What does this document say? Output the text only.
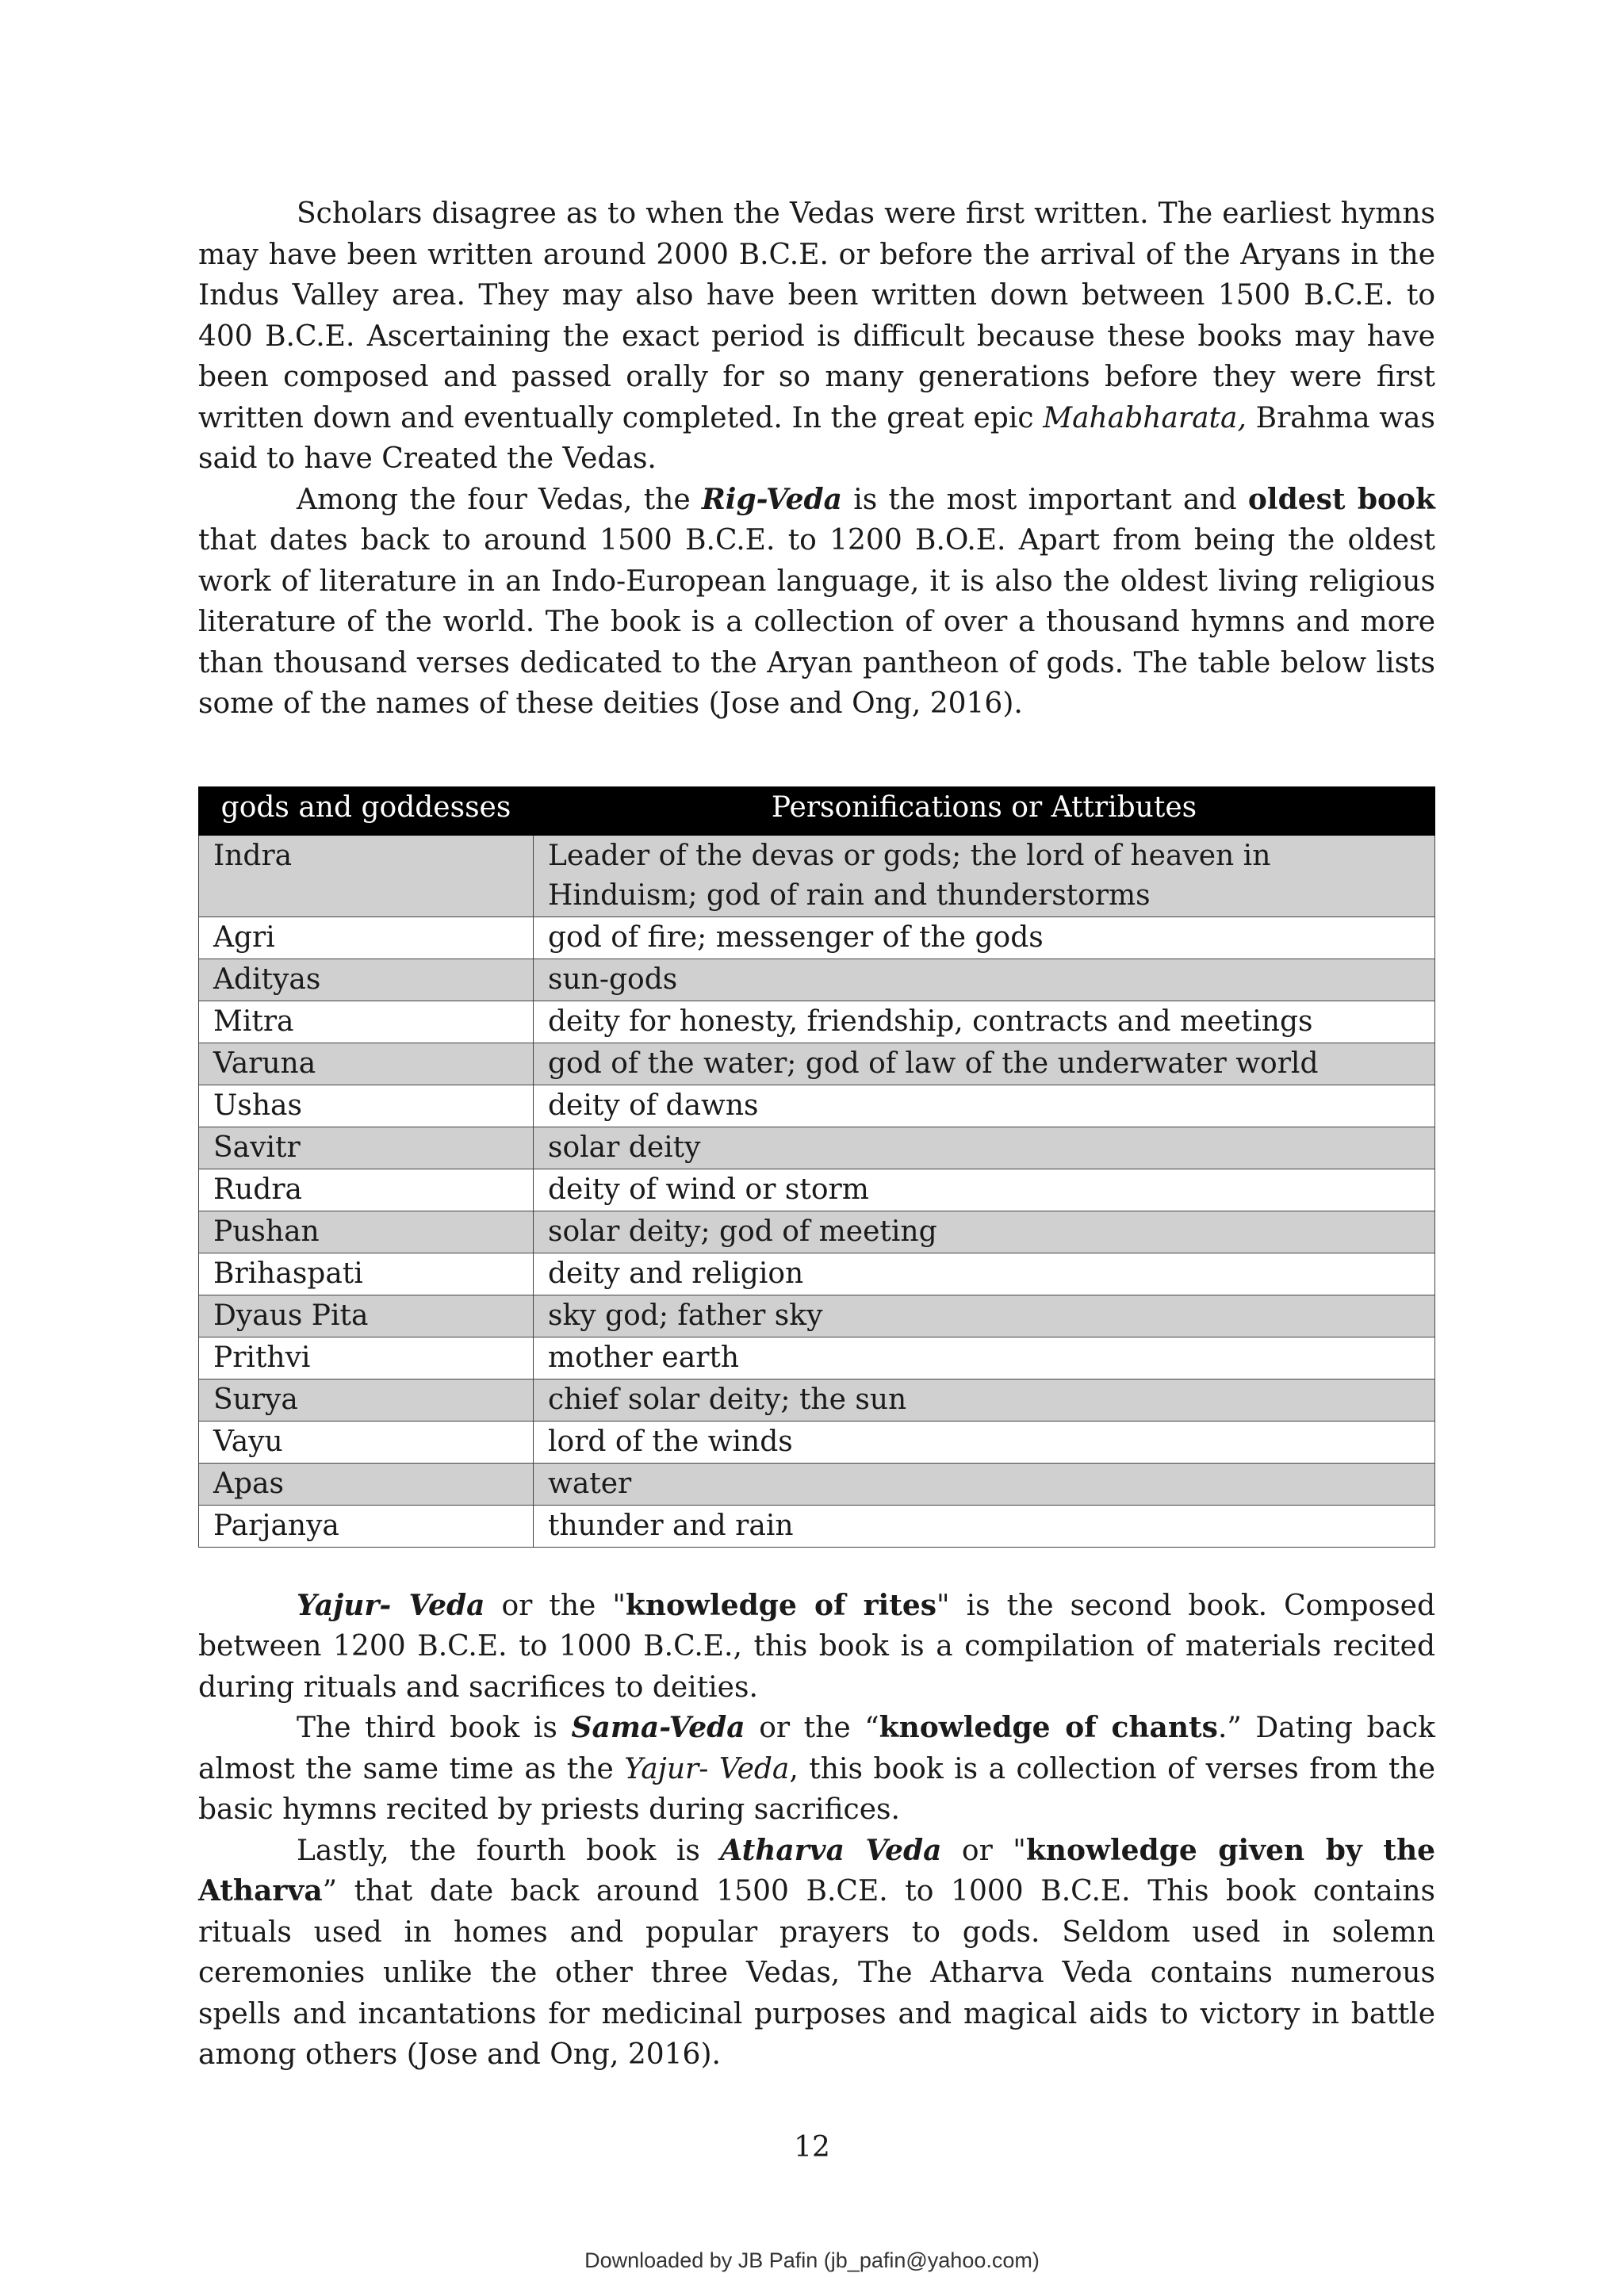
Scholars disagree as to when the Vedas were first written. The earliest hymns may have been written around 2000 B.C.E. or before the arrival of the Aryans in the Indus Valley area. They may also have been written down between 1500 B.C.E. to 400 B.C.E. Ascertaining the exact period is difficult because these books may have been composed and passed orally for so many generations before they were first written down and eventually completed. In the great epic Mahabharata, Brahma was said to have Created the Vedas.

Among the four Vedas, the Rig-Veda is the most important and oldest book that dates back to around 1500 B.C.E. to 1200 B.O.E. Apart from being the oldest work of literature in an Indo-European language, it is also the oldest living religious literature of the world. The book is a collection of over a thousand hymns and more than thousand verses dedicated to the Aryan pantheon of gods. The table below lists some of the names of these deities (Jose and Ong, 2016).

gods and goddesses	Personifications or Attributes
Indra	Leader of the devas or gods; the lord of heaven in Hinduism; god of rain and thunderstorms
Agri	god of fire; messenger of the gods
Adityas	sun-gods
Mitra	deity for honesty, friendship, contracts and meetings
Varuna	god of the water; god of law of the underwater world
Ushas	deity of dawns
Savitr	solar deity
Rudra	deity of wind or storm
Pushan	solar deity; god of meeting
Brihaspati	deity and religion
Dyaus Pita	sky god; father sky
Prithvi	mother earth
Surya	chief solar deity; the sun
Vayu	lord of the winds
Apas	water
Parjanya	thunder and rain

Yajur- Veda or the "knowledge of rites" is the second book. Composed between 1200 B.C.E. to 1000 B.C.E., this book is a compilation of materials recited during rituals and sacrifices to deities.

The third book is Sama-Veda or the “knowledge of chants.” Dating back almost the same time as the Yajur- Veda, this book is a collection of verses from the basic hymns recited by priests during sacrifices.

Lastly, the fourth book is Atharva Veda or "knowledge given by the Atharva” that date back around 1500 B.CE. to 1000 B.C.E. This book contains rituals used in homes and popular prayers to gods. Seldom used in solemn ceremonies unlike the other three Vedas, The Atharva Veda contains numerous spells and incantations for medicinal purposes and magical aids to victory in battle among others (Jose and Ong, 2016).

12
Downloaded by JB Pafin (jb_pafin@yahoo.com)
